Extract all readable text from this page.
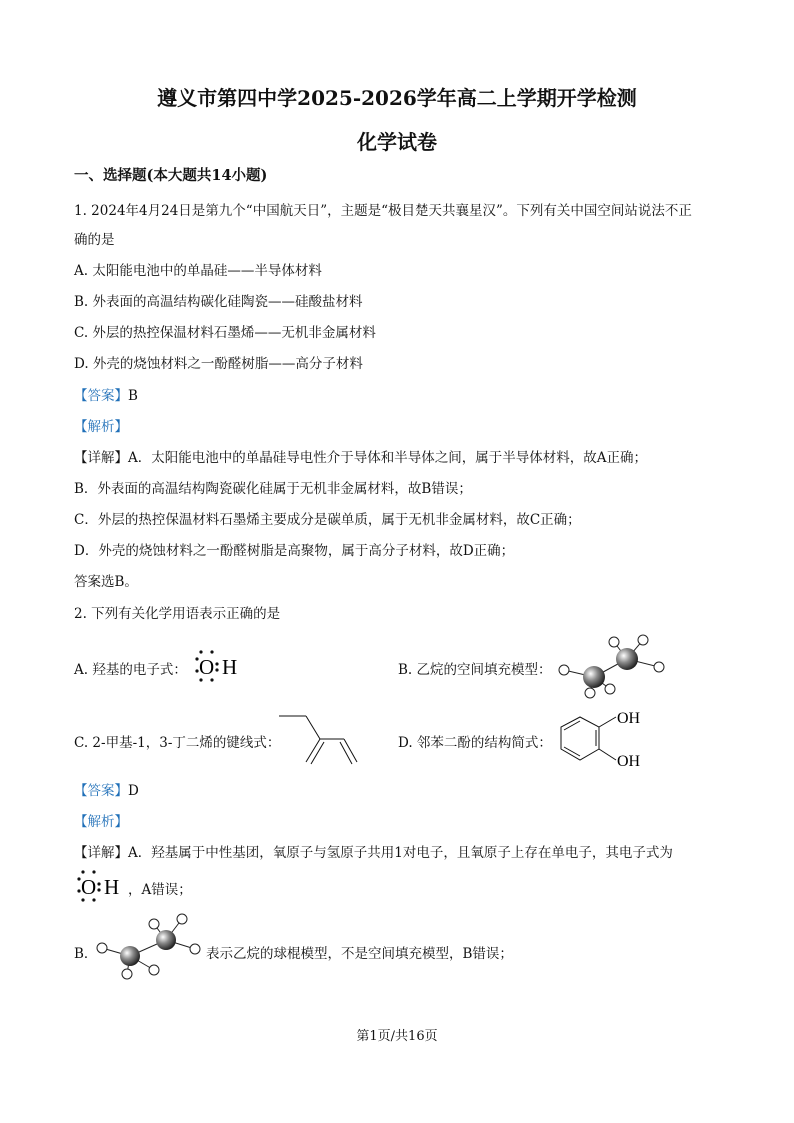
遵义市第四中学2025-2026学年高二上学期开学检测
化学试卷
一、选择题(本大题共14小题)
1. 2024年4月24日是第九个“中国航天日”，主题是“极目楚天共襄星汉”。下列有关中国空间站说法不正
确的是
A. 太阳能电池中的单晶硅——半导体材料
B. 外表面的高温结构碳化硅陶瓷——硅酸盐材料
C. 外层的热控保温材料石墨烯——无机非金属材料
D. 外壳的烧蚀材料之一酚醛树脂——高分子材料
【答案】B
【解析】
【详解】A．太阳能电池中的单晶硅导电性介于导体和半导体之间，属于半导体材料，故A正确；
B．外表面的高温结构陶瓷碳化硅属于无机非金属材料，故B错误；
C．外层的热控保温材料石墨烯主要成分是碳单质，属于无机非金属材料，故C正确；
D．外壳的烧蚀材料之一酚醛树脂是高聚物，属于高分子材料，故D正确；
答案选B。
2. 下列有关化学用语表示正确的是
A. 羟基的电子式： O H	B. 乙烷的空间填充模型：
C. 2-甲基-1，3-丁二烯的键线式：	D. 邻苯二酚的结构简式：
OH
OH
【答案】D
【解析】
【详解】A．羟基属于中性基团，氧原子与氢原子共用1对电子，且氧原子上存在单电子，其电子式为
O H ，A错误；
B．	表示乙烷的球棍模型，不是空间填充模型，B错误；
第1页/共16页
